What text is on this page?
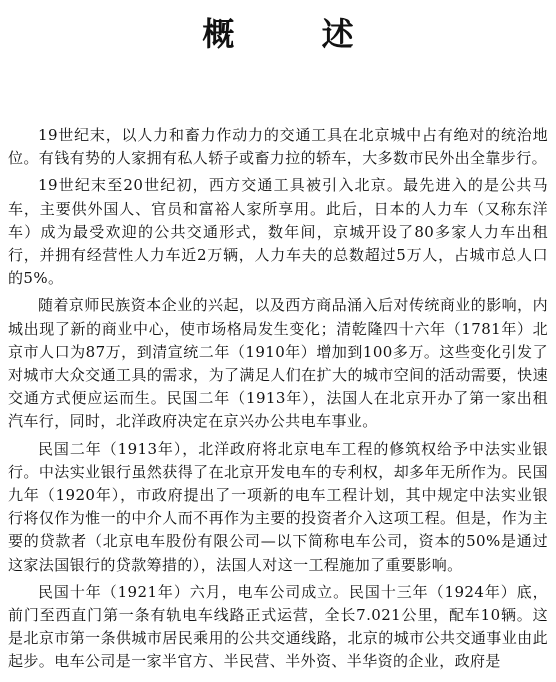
概 述

19世纪末，以人力和畜力作动力的交通工具在北京城中占有绝对的统治地位。有钱有势的人家拥有私人轿子或畜力拉的轿车，大多数市民外出全靠步行。

19世纪末至20世纪初，西方交通工具被引入北京。最先进入的是公共马车，主要供外国人、官员和富裕人家所享用。此后，日本的人力车（又称东洋车）成为最受欢迎的公共交通形式，数年间，京城开设了80多家人力车出租行，并拥有经营性人力车近2万辆，人力车夫的总数超过5万人，占城市总人口的5%。

随着京师民族资本企业的兴起，以及西方商品涌入后对传统商业的影响，内城出现了新的商业中心，使市场格局发生变化；清乾隆四十六年（1781年）北京市人口为87万，到清宣统二年（1910年）增加到100多万。这些变化引发了对城市大众交通工具的需求，为了满足人们在扩大的城市空间的活动需要，快速交通方式便应运而生。民国二年（1913年），法国人在北京开办了第一家出租汽车行，同时，北洋政府决定在京兴办公共电车事业。

民国二年（1913年），北洋政府将北京电车工程的修筑权给予中法实业银行。中法实业银行虽然获得了在北京开发电车的专利权，却多年无所作为。民国九年（1920年），市政府提出了一项新的电车工程计划，其中规定中法实业银行将仅作为惟一的中介人而不再作为主要的投资者介入这项工程。但是，作为主要的贷款者（北京电车股份有限公司—以下简称电车公司，资本的50%是通过这家法国银行的贷款筹措的），法国人对这一工程施加了重要影响。

民国十年（1921年）六月，电车公司成立。民国十三年（1924年）底，前门至西直门第一条有轨电车线路正式运营，全长7.021公里，配车10辆。这是北京市第一条供城市居民乘用的公共交通线路，北京的城市公共交通事业由此起步。电车公司是一家半官方、半民营、半外资、半华资的企业，政府是
